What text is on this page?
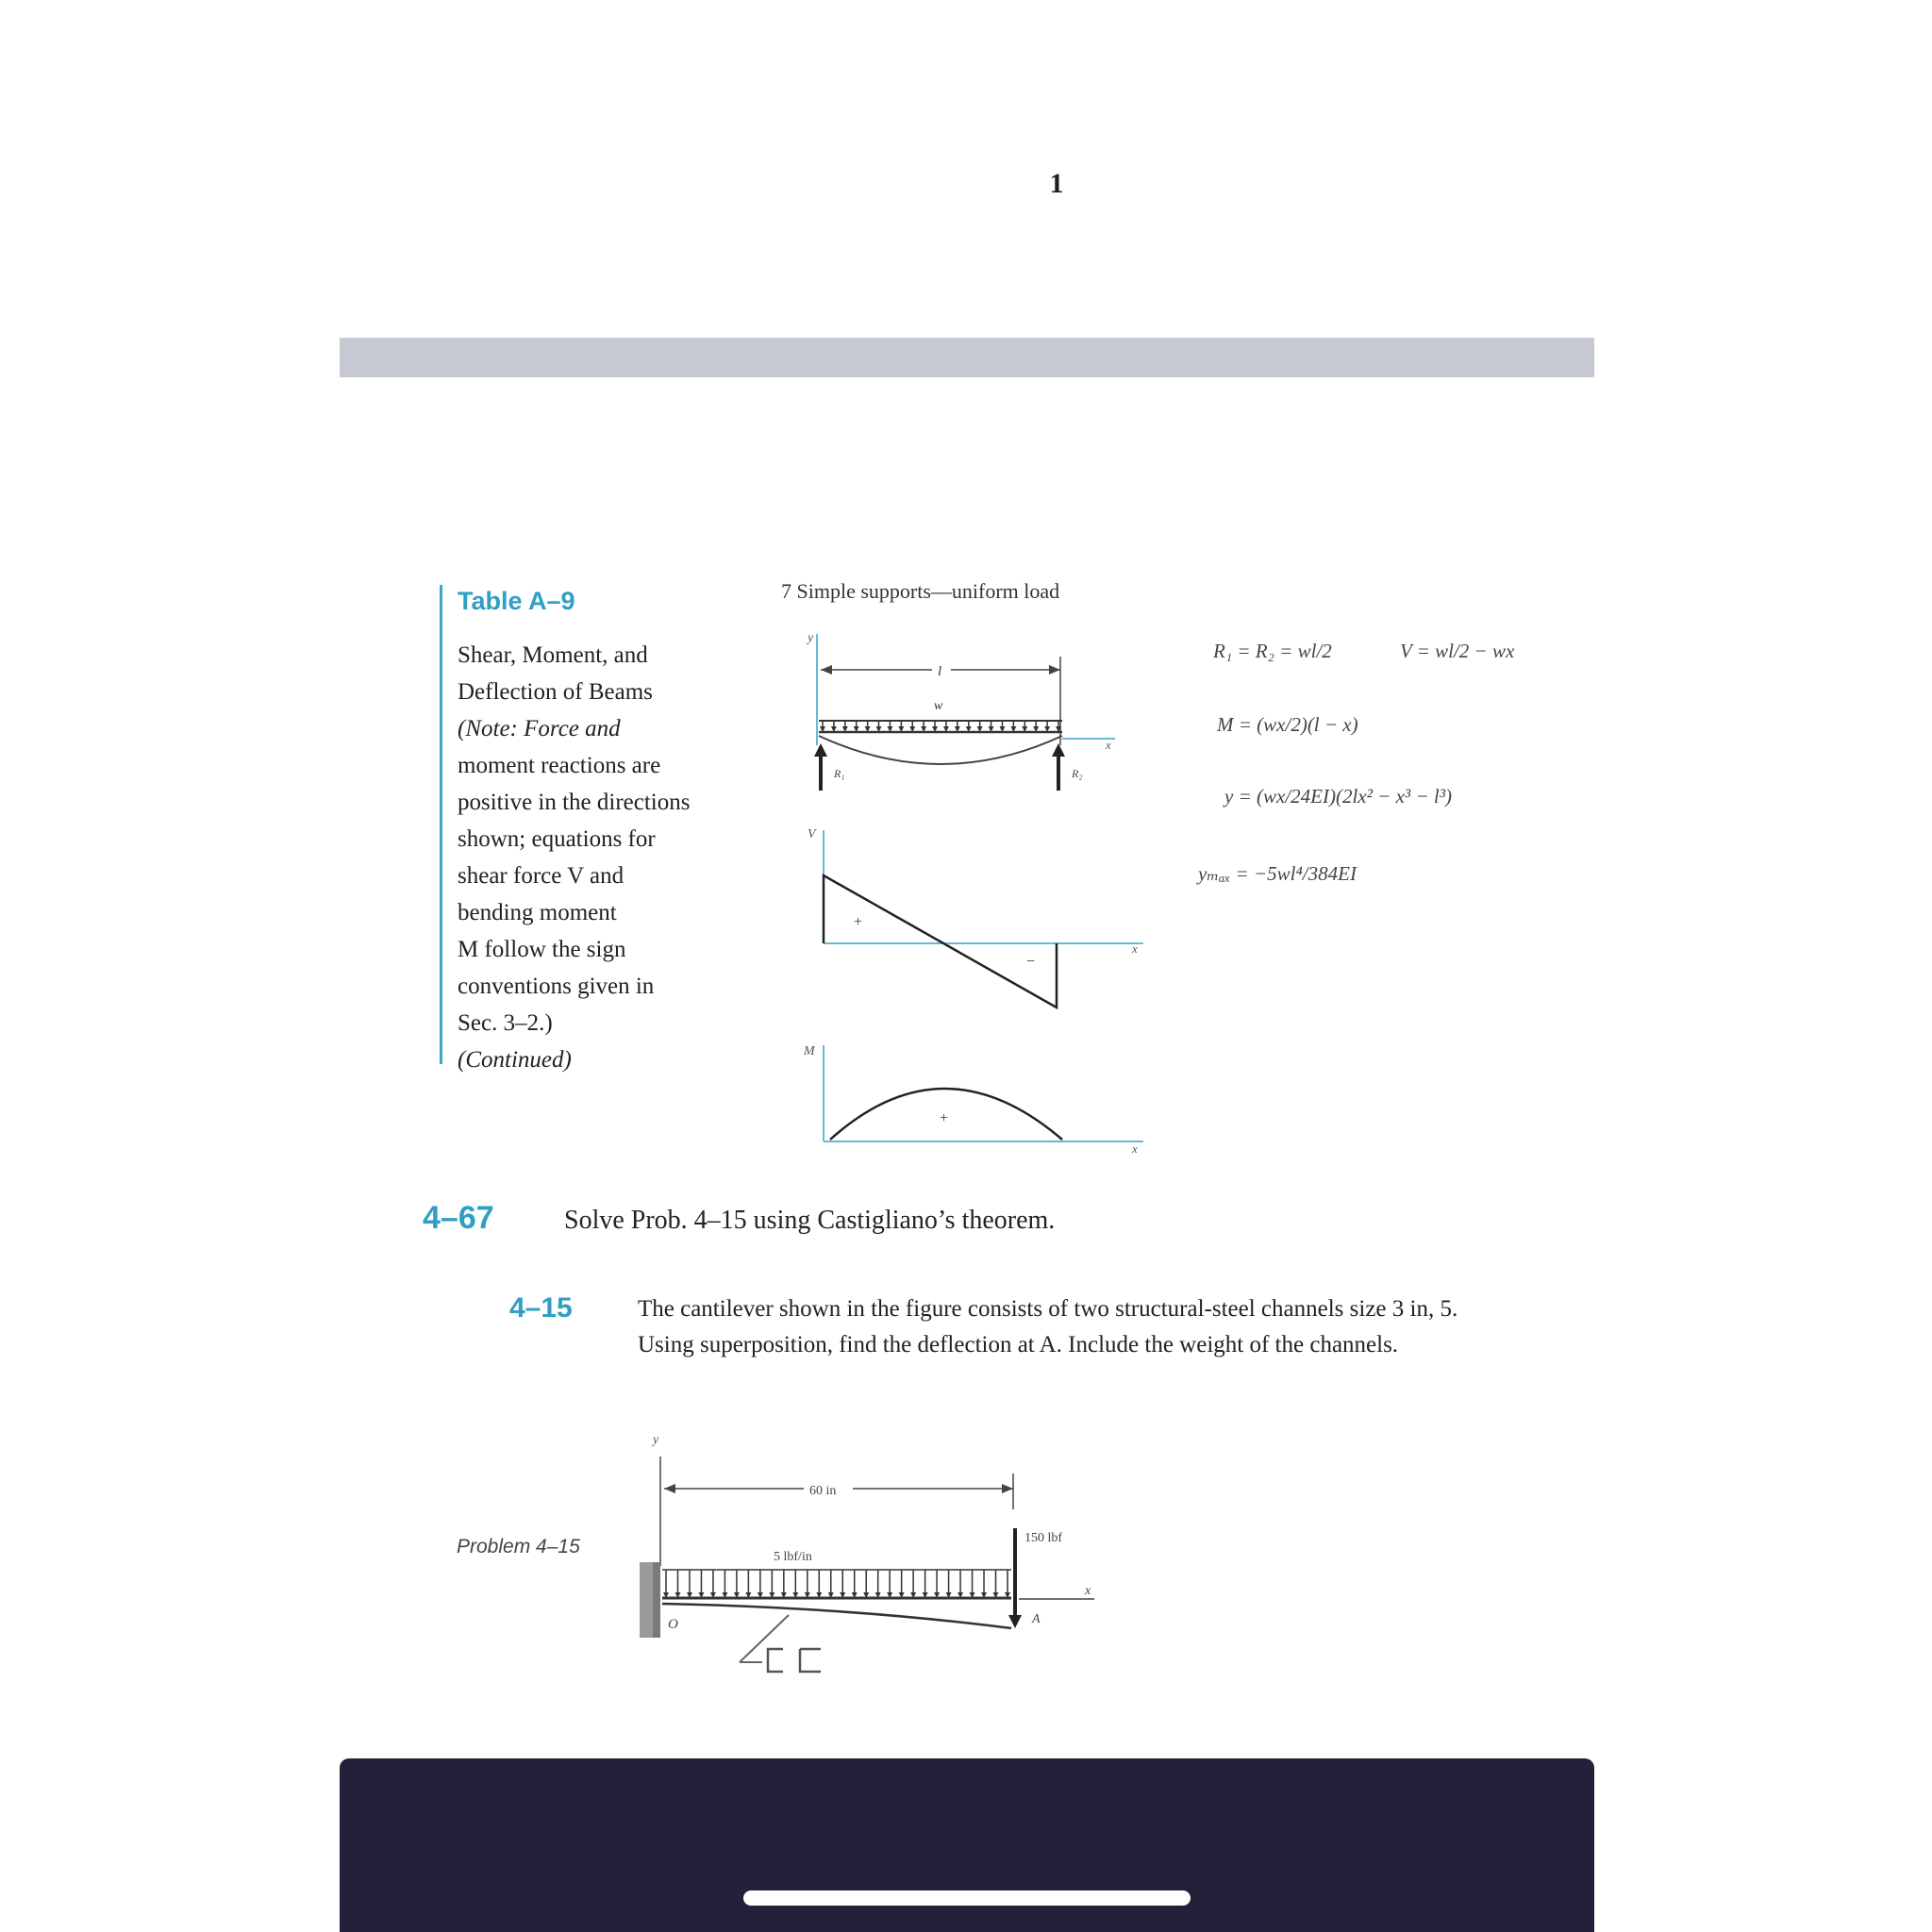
1
Table A–9
Shear, Moment, and
Deflection of Beams
(Note: Force and
moment reactions are
positive in the directions
shown; equations for
shear force V and
bending moment
M follow the sign
conventions given in
Sec. 3–2.)
(Continued)
7 Simple supports—uniform load
y
l
w
x
R₁	R₂
V
x
+
−
M
x
+
y
60 in
O
150 lbf
5 lbf/in
x
A
R₁ = R₂ = wl/2	V = wl/2 − wx
M = (wx/2)(l − x)
y = (wx/24EI)(2lx² − x³ − l³)
yₘₐₓ = −5wl⁴/384EI
4–67	Solve Prob. 4–15 using Castigliano’s theorem.
4–15	The cantilever shown in the figure consists of two structural-steel channels size 3 in, 5.
Using superposition, find the deflection at A. Include the weight of the channels.
Problem 4–15
